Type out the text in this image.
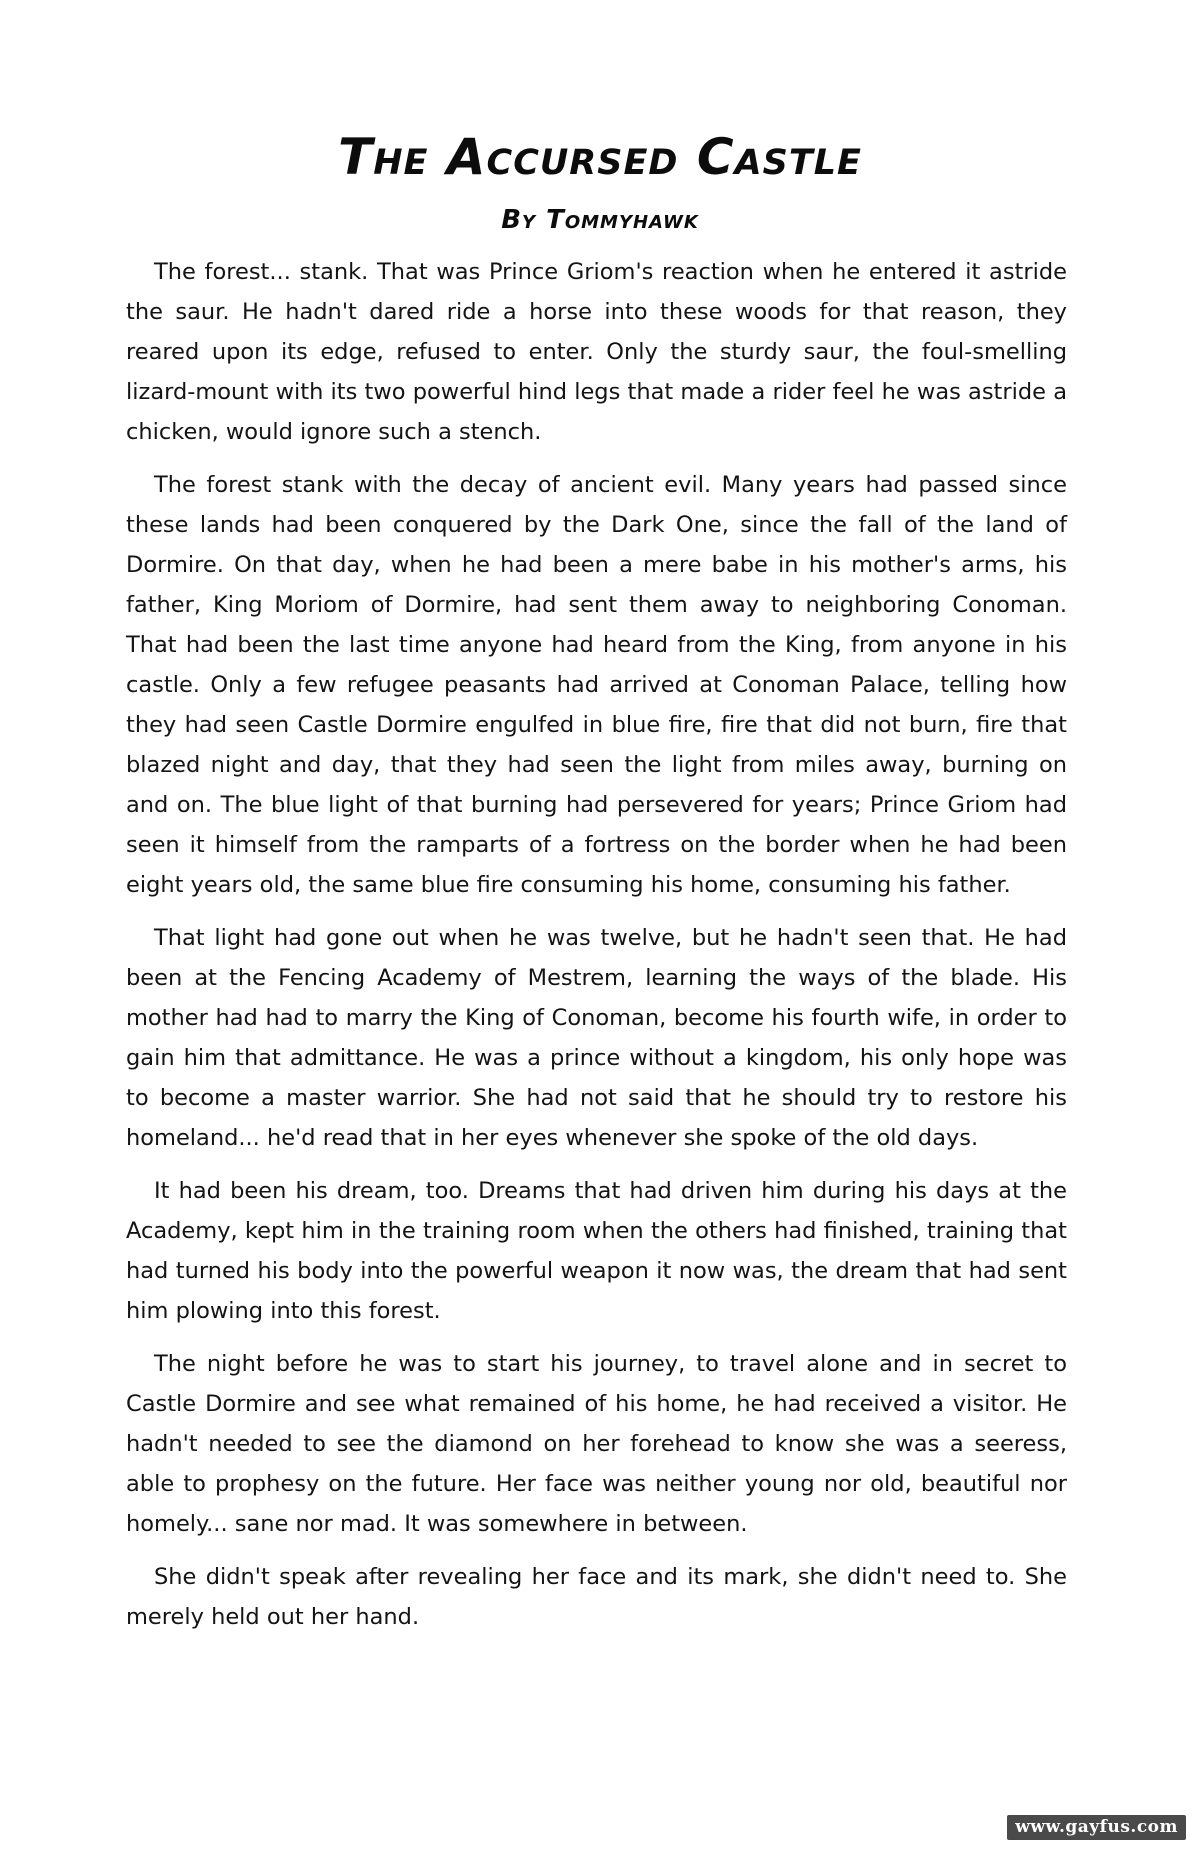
The Accursed Castle
By Tommyhawk

The forest... stank. That was Prince Griom's reaction when he entered it astride the saur. He hadn't dared ride a horse into these woods for that reason, they reared upon its edge, refused to enter. Only the sturdy saur, the foul-smelling lizard-mount with its two powerful hind legs that made a rider feel he was astride a chicken, would ignore such a stench.

The forest stank with the decay of ancient evil. Many years had passed since these lands had been conquered by the Dark One, since the fall of the land of Dormire. On that day, when he had been a mere babe in his mother's arms, his father, King Moriom of Dormire, had sent them away to neighboring Conoman. That had been the last time anyone had heard from the King, from anyone in his castle. Only a few refugee peasants had arrived at Conoman Palace, telling how they had seen Castle Dormire engulfed in blue fire, fire that did not burn, fire that blazed night and day, that they had seen the light from miles away, burning on and on. The blue light of that burning had persevered for years; Prince Griom had seen it himself from the ramparts of a fortress on the border when he had been eight years old, the same blue fire consuming his home, consuming his father.

That light had gone out when he was twelve, but he hadn't seen that. He had been at the Fencing Academy of Mestrem, learning the ways of the blade. His mother had had to marry the King of Conoman, become his fourth wife, in order to gain him that admittance. He was a prince without a kingdom, his only hope was to become a master warrior. She had not said that he should try to restore his homeland... he'd read that in her eyes whenever she spoke of the old days.

It had been his dream, too. Dreams that had driven him during his days at the Academy, kept him in the training room when the others had finished, training that had turned his body into the powerful weapon it now was, the dream that had sent him plowing into this forest.

The night before he was to start his journey, to travel alone and in secret to Castle Dormire and see what remained of his home, he had received a visitor. He hadn't needed to see the diamond on her forehead to know she was a seeress, able to prophesy on the future. Her face was neither young nor old, beautiful nor homely... sane nor mad. It was somewhere in between.

She didn't speak after revealing her face and its mark, she didn't need to. She merely held out her hand.

www.gayfus.com
